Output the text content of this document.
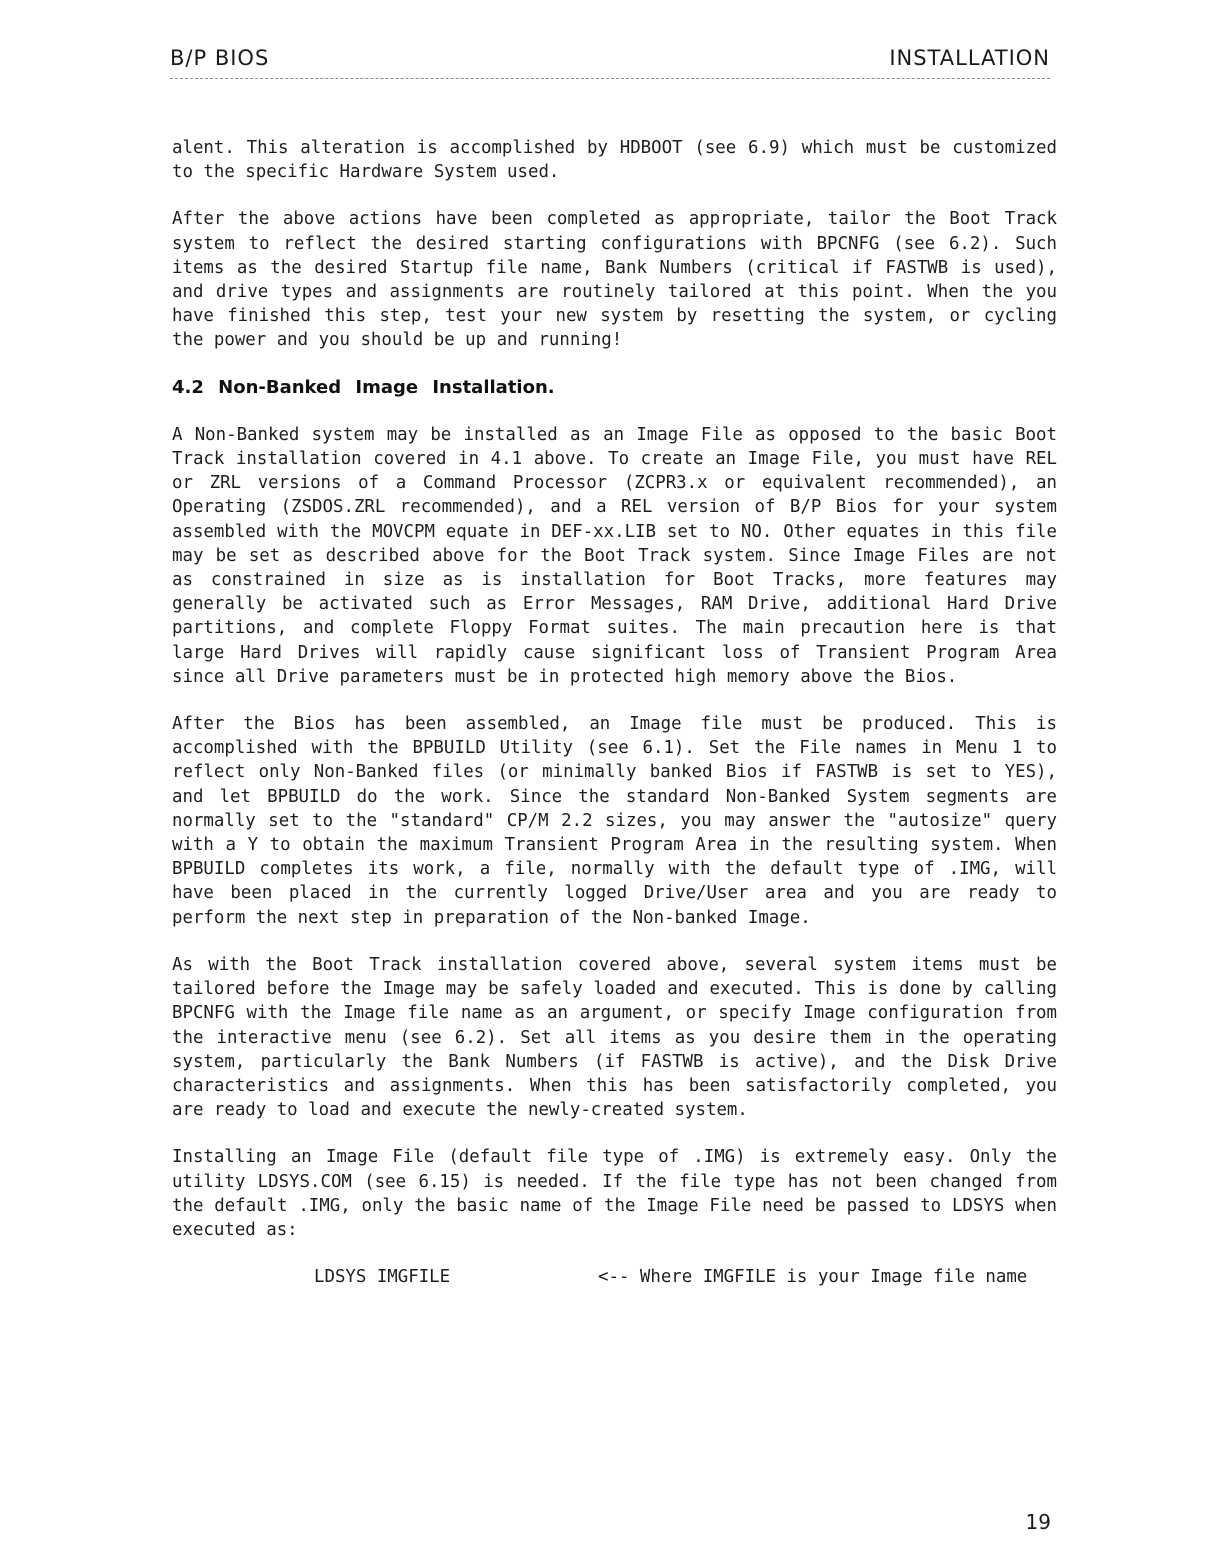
B/P BIOS	INSTALLATION

alent. This alteration is accomplished by HDBOOT (see 6.9) which must be customized to the specific Hardware System used.

After the above actions have been completed as appropriate, tailor the Boot Track system to reflect the desired starting configurations with BPCNFG (see 6.2). Such items as the desired Startup file name, Bank Numbers (critical if FASTWB is used), and drive types and assignments are routinely tailored at this point. When the you have finished this step, test your new system by resetting the system, or cycling the power and you should be up and running!

4.2 Non-Banked Image Installation.

A Non-Banked system may be installed as an Image File as opposed to the basic Boot Track installation covered in 4.1 above. To create an Image File, you must have REL or ZRL versions of a Command Processor (ZCPR3.x or equivalent recommended), an Operating (ZSDOS.ZRL recommended), and a REL version of B/P Bios for your system assembled with the MOVCPM equate in DEF-xx.LIB set to NO. Other equates in this file may be set as described above for the Boot Track system. Since Image Files are not as constrained in size as is installation for Boot Tracks, more features may generally be activated such as Error Messages, RAM Drive, additional Hard Drive partitions, and complete Floppy Format suites. The main precaution here is that large Hard Drives will rapidly cause significant loss of Transient Program Area since all Drive parameters must be in protected high memory above the Bios.

After the Bios has been assembled, an Image file must be produced. This is accomplished with the BPBUILD Utility (see 6.1). Set the File names in Menu 1 to reflect only Non-Banked files (or minimally banked Bios if FASTWB is set to YES), and let BPBUILD do the work. Since the standard Non-Banked System segments are normally set to the "standard" CP/M 2.2 sizes, you may answer the "autosize" query with a Y to obtain the maximum Transient Program Area in the resulting system. When BPBUILD completes its work, a file, normally with the default type of .IMG, will have been placed in the currently logged Drive/User area and you are ready to perform the next step in preparation of the Non-banked Image.

As with the Boot Track installation covered above, several system items must be tailored before the Image may be safely loaded and executed. This is done by calling BPCNFG with the Image file name as an argument, or specify Image configuration from the interactive menu (see 6.2). Set all items as you desire them in the operating system, particularly the Bank Numbers (if FASTWB is active), and the Disk Drive characteristics and assignments. When this has been satisfactorily completed, you are ready to load and execute the newly-created system.

Installing an Image File (default file type of .IMG) is extremely easy. Only the utility LDSYS.COM (see 6.15) is needed. If the file type has not been changed from the default .IMG, only the basic name of the Image File need be passed to LDSYS when executed as:

LDSYS IMGFILE	<-- Where IMGFILE is your Image file name
19
